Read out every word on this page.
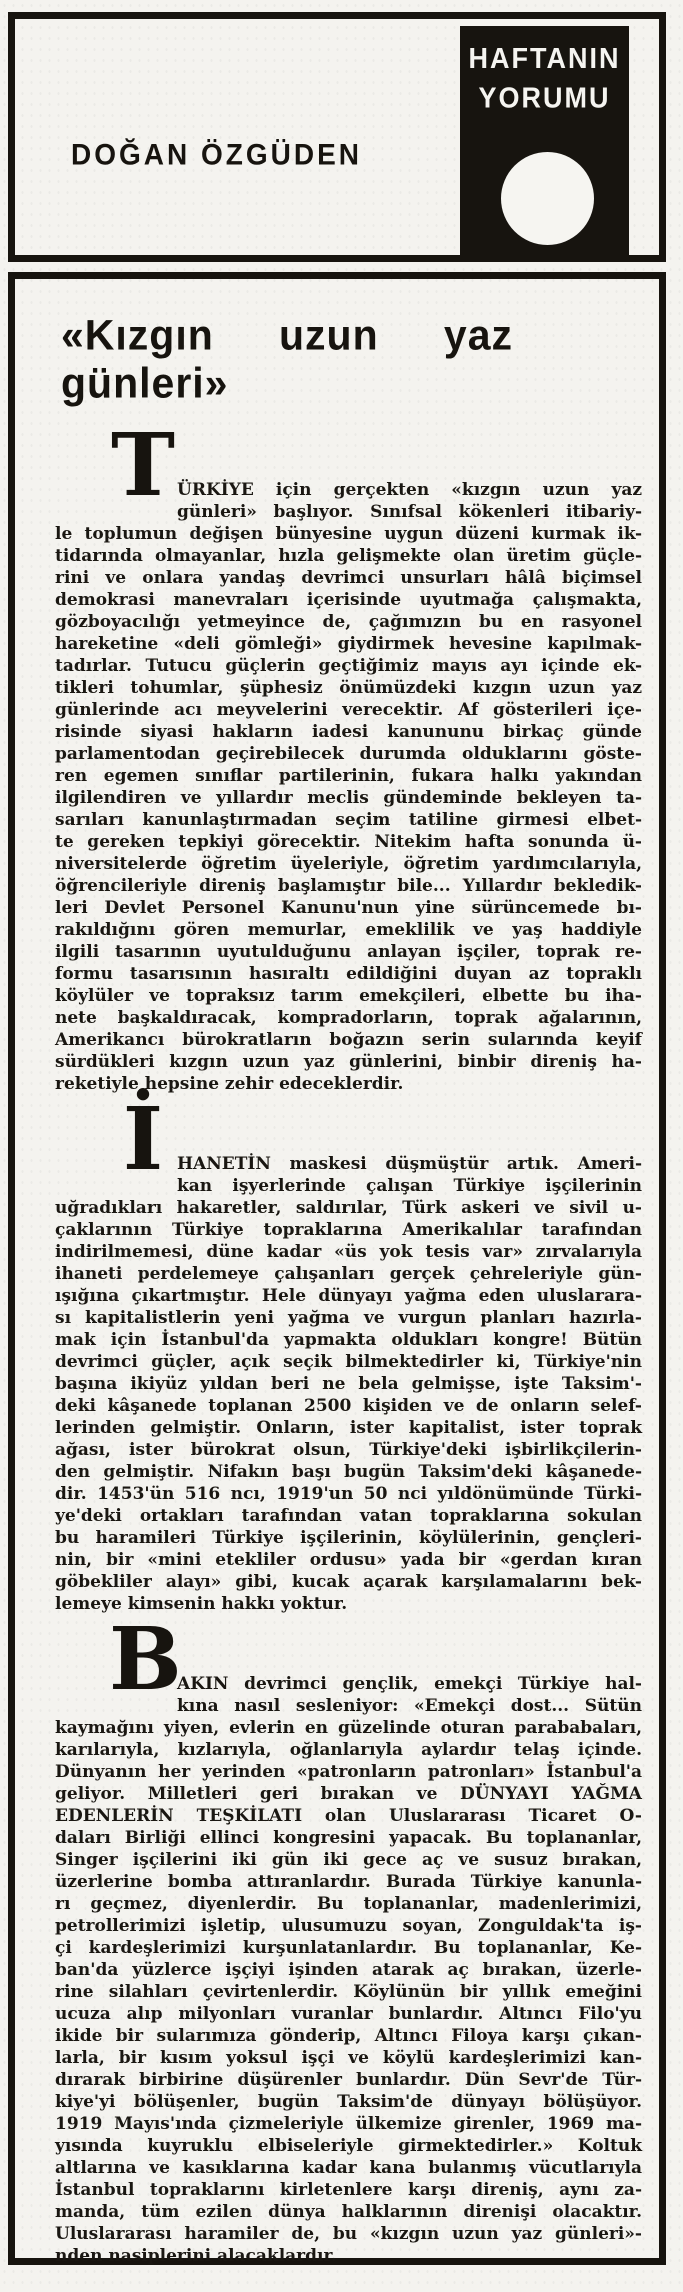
DOĞAN ÖZGÜDEN
HAFTANIN
YORUMU
«Kızgın uzun yaz günleri»
T ÜRKİYE için gerçekten «kızgın uzun yaz
günleri» başlıyor. Sınıfsal kökenleri itibariy-
le toplumun değişen bünyesine uygun düzeni kurmak ik-
tidarında olmayanlar, hızla gelişmekte olan üretim güçle-
rini ve onlara yandaş devrimci unsurları hâlâ biçimsel
demokrasi manevraları içerisinde uyutmağa çalışmakta,
gözboyacılığı yetmeyince de, çağımızın bu en rasyonel
hareketine «deli gömleği» giydirmek hevesine kapılmak-
tadırlar. Tutucu güçlerin geçtiğimiz mayıs ayı içinde ek-
tikleri tohumlar, şüphesiz önümüzdeki kızgın uzun yaz
günlerinde acı meyvelerini verecektir. Af gösterileri içe-
risinde siyasi hakların iadesi kanununu birkaç günde
parlamentodan geçirebilecek durumda olduklarını göste-
ren egemen sınıflar partilerinin, fukara halkı yakından
ilgilendiren ve yıllardır meclis gündeminde bekleyen ta-
sarıları kanunlaştırmadan seçim tatiline girmesi elbet-
te gereken tepkiyi görecektir. Nitekim hafta sonunda ü-
niversitelerde öğretim üyeleriyle, öğretim yardımcılarıyla,
öğrencileriyle direniş başlamıştır bile... Yıllardır bekledik-
leri Devlet Personel Kanunu'nun yine sürüncemede bı-
rakıldığını gören memurlar, emeklilik ve yaş haddiyle
ilgili tasarının uyutulduğunu anlayan işçiler, toprak re-
formu tasarısının hasıraltı edildiğini duyan az topraklı
köylüler ve topraksız tarım emekçileri, elbette bu iha-
nete başkaldıracak, kompradorların, toprak ağalarının,
Amerikancı bürokratların boğazın serin sularında keyif
sürdükleri kızgın uzun yaz günlerini, binbir direniş ha-
reketiyle hepsine zehir edeceklerdir.
İ HANETİN maskesi düşmüştür artık. Ameri-
kan işyerlerinde çalışan Türkiye işçilerinin
uğradıkları hakaretler, saldırılar, Türk askeri ve sivil u-
çaklarının Türkiye topraklarına Amerikalılar tarafından
indirilmemesi, düne kadar «üs yok tesis var» zırvalarıyla
ihaneti perdelemeye çalışanları gerçek çehreleriyle gün-
ışığına çıkartmıştır. Hele dünyayı yağma eden uluslarara-
sı kapitalistlerin yeni yağma ve vurgun planları hazırla-
mak için İstanbul'da yapmakta oldukları kongre! Bütün
devrimci güçler, açık seçik bilmektedirler ki, Türkiye'nin
başına ikiyüz yıldan beri ne bela gelmişse, işte Taksim'-
deki kâşanede toplanan 2500 kişiden ve de onların selef-
lerinden gelmiştir. Onların, ister kapitalist, ister toprak
ağası, ister bürokrat olsun, Türkiye'deki işbirlikçilerin-
den gelmiştir. Nifakın başı bugün Taksim'deki kâşanede-
dir. 1453'ün 516 ncı, 1919'un 50 nci yıldönümünde Türki-
ye'deki ortakları tarafından vatan topraklarına sokulan
bu haramileri Türkiye işçilerinin, köylülerinin, gençleri-
nin, bir «mini etekliler ordusu» yada bir «gerdan kıran
göbekliler alayı» gibi, kucak açarak karşılamalarını bek-
lemeye kimsenin hakkı yoktur.
B
AKIN devrimci gençlik, emekçi Türkiye hal-
kına nasıl sesleniyor: «Emekçi dost... Sütün
kaymağını yiyen, evlerin en güzelinde oturan parababaları,
karılarıyla, kızlarıyla, oğlanlarıyla aylardır telaş içinde.
Dünyanın her yerinden «patronların patronları» İstanbul'a
geliyor. Milletleri geri bırakan ve DÜNYAYI YAĞMA
EDENLERİN TEŞKİLATI olan Uluslararası Ticaret O-
daları Birliği ellinci kongresini yapacak. Bu toplananlar,
Singer işçilerini iki gün iki gece aç ve susuz bırakan,
üzerlerine bomba attıranlardır. Burada Türkiye kanunla-
rı geçmez, diyenlerdir. Bu toplananlar, madenlerimizi,
petrollerimizi işletip, ulusumuzu soyan, Zonguldak'ta iş-
çi kardeşlerimizi kurşunlatanlardır. Bu toplananlar, Ke-
ban'da yüzlerce işçiyi işinden atarak aç bırakan, üzerle-
rine silahları çevirtenlerdir. Köylünün bir yıllık emeğini
ucuza alıp milyonları vuranlar bunlardır. Altıncı Filo'yu
ikide bir sularımıza gönderip, Altıncı Filoya karşı çıkan-
larla, bir kısım yoksul işçi ve köylü kardeşlerimizi kan-
dırarak birbirine düşürenler bunlardır. Dün Sevr'de Tür-
kiye'yi bölüşenler, bugün Taksim'de dünyayı bölüşüyor.
1919 Mayıs'ında çizmeleriyle ülkemize girenler, 1969 ma-
yısında kuyruklu elbiseleriyle girmektedirler.» Koltuk
altlarına ve kasıklarına kadar kana bulanmış vücutlarıyla
İstanbul topraklarını kirletenlere karşı direniş, aynı za-
manda, tüm ezilen dünya halklarının direnişi olacaktır.
Uluslararası haramiler de, bu «kızgın uzun yaz günleri»-
nden nasiplerini alacaklardır.
